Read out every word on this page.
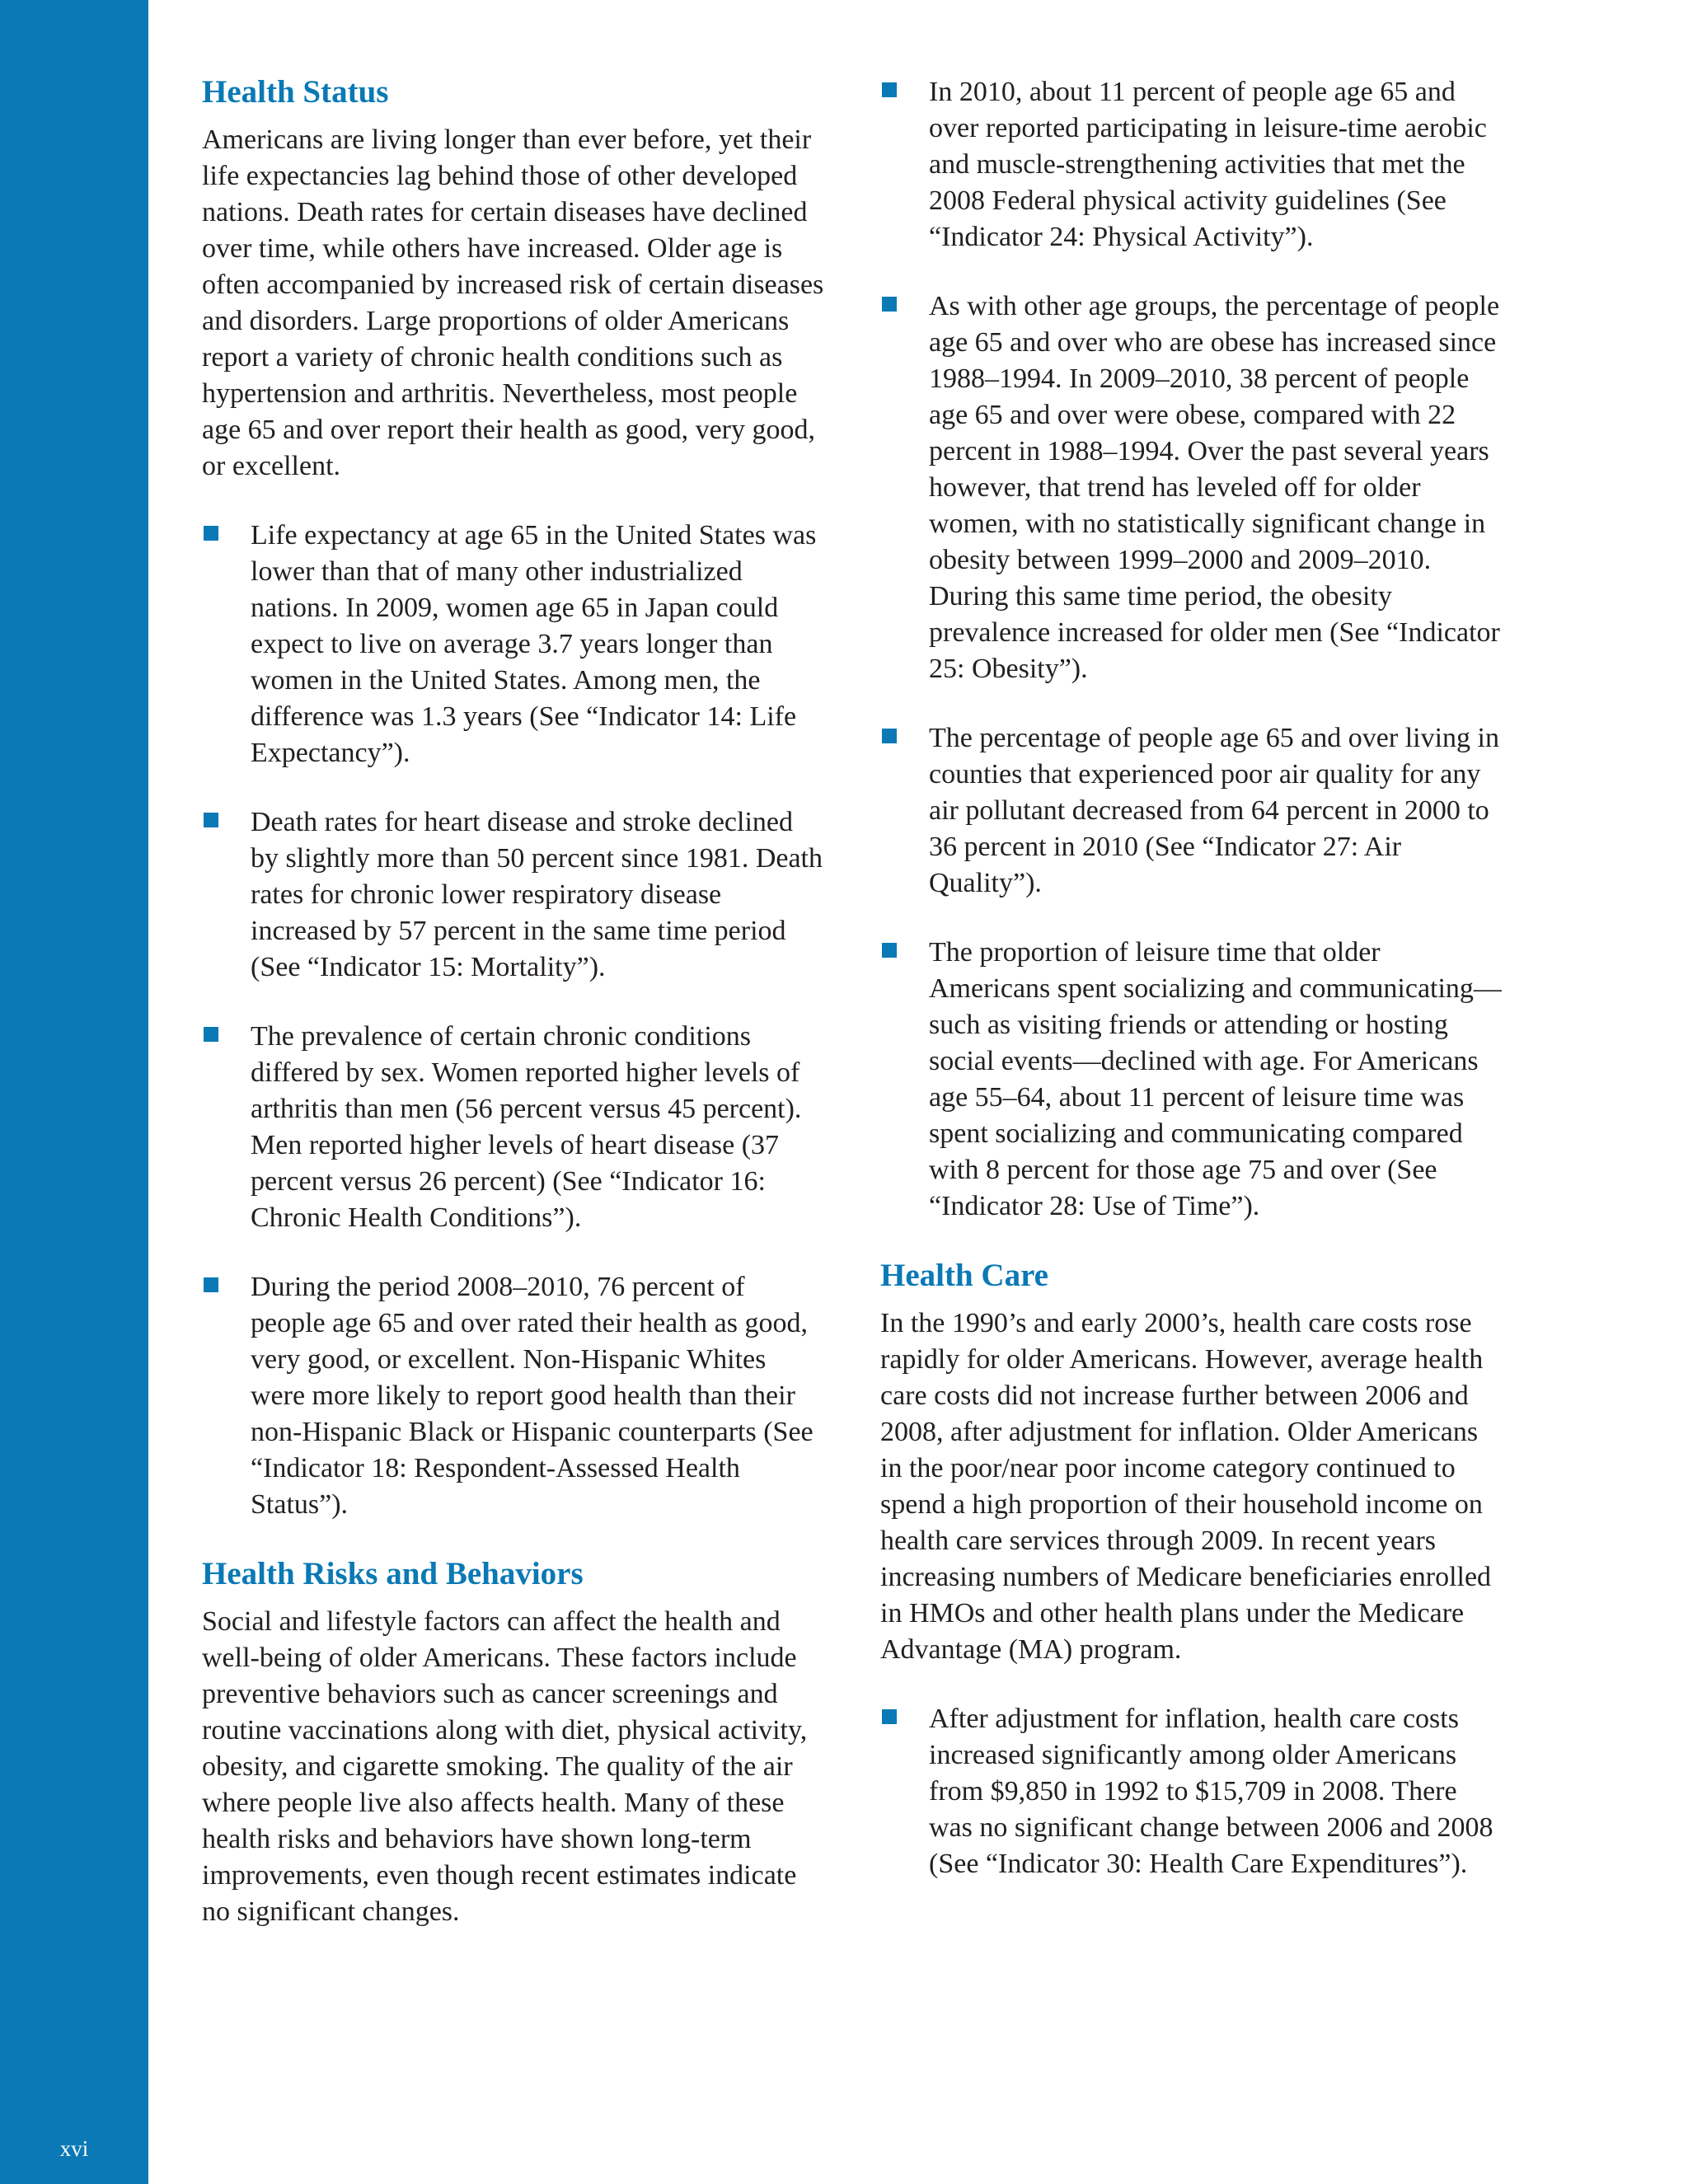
xvi
Health Status

Americans are living longer than ever before, yet their life expectancies lag behind those of other developed nations. Death rates for certain diseases have declined over time, while others have increased. Older age is often accompanied by increased risk of certain diseases and disorders. Large proportions of older Americans report a variety of chronic health conditions such as hypertension and arthritis. Nevertheless, most people age 65 and over report their health as good, very good, or excellent.

Life expectancy at age 65 in the United States was lower than that of many other industrialized nations. In 2009, women age 65 in Japan could expect to live on average 3.7 years longer than women in the United States. Among men, the difference was 1.3 years (See “Indicator 14: Life Expectancy”).
Death rates for heart disease and stroke declined by slightly more than 50 percent since 1981. Death rates for chronic lower respiratory disease increased by 57 percent in the same time period (See “Indicator 15: Mortality”).
The prevalence of certain chronic conditions differed by sex. Women reported higher levels of arthritis than men (56 percent versus 45 percent). Men reported higher levels of heart disease (37 percent versus 26 percent) (See “Indicator 16: Chronic Health Conditions”).
During the period 2008–2010, 76 percent of people age 65 and over rated their health as good, very good, or excellent. Non-Hispanic Whites were more likely to report good health than their non-Hispanic Black or Hispanic counterparts (See “Indicator 18: Respondent-Assessed Health Status”).
Health Risks and Behaviors

Social and lifestyle factors can affect the health and well-being of older Americans. These factors include preventive behaviors such as cancer screenings and routine vaccinations along with diet, physical activity, obesity, and cigarette smoking. The quality of the air where people live also affects health. Many of these health risks and behaviors have shown long-term improvements, even though recent estimates indicate no significant changes.

In 2010, about 11 percent of people age 65 and over reported participating in leisure-time aerobic and muscle-strengthening activities that met the 2008 Federal physical activity guidelines (See “Indicator 24: Physical Activity”).
As with other age groups, the percentage of people age 65 and over who are obese has increased since 1988–1994. In 2009–2010, 38 percent of people age 65 and over were obese, compared with 22 percent in 1988–1994. Over the past several years however, that trend has leveled off for older women, with no statistically significant change in obesity between 1999–2000 and 2009–2010. During this same time period, the obesity prevalence increased for older men (See “Indicator 25: Obesity”).
The percentage of people age 65 and over living in counties that experienced poor air quality for any air pollutant decreased from 64 percent in 2000 to 36 percent in 2010 (See “Indicator 27: Air Quality”).
The proportion of leisure time that older Americans spent socializing and communicating—such as visiting friends or attending or hosting social events—declined with age. For Americans age 55–64, about 11 percent of leisure time was spent socializing and communicating compared with 8 percent for those age 75 and over (See “Indicator 28: Use of Time”).
Health Care

In the 1990’s and early 2000’s, health care costs rose rapidly for older Americans. However, average health care costs did not increase further between 2006 and 2008, after adjustment for inflation. Older Americans in the poor/near poor income category continued to spend a high proportion of their household income on health care services through 2009. In recent years increasing numbers of Medicare beneficiaries enrolled in HMOs and other health plans under the Medicare Advantage (MA) program.

After adjustment for inflation, health care costs increased significantly among older Americans from $9,850 in 1992 to $15,709 in 2008. There was no significant change between 2006 and 2008 (See “Indicator 30: Health Care Expenditures”).
